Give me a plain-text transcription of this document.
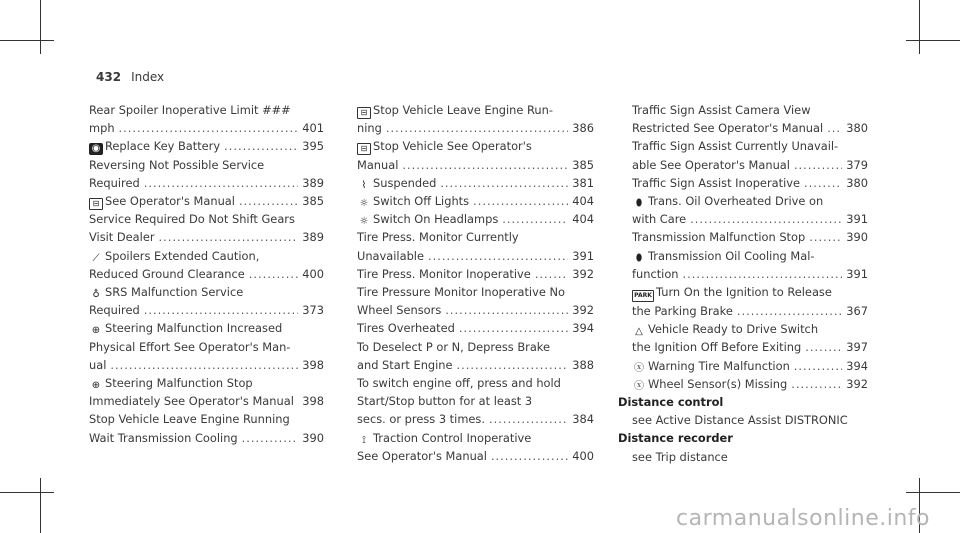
432 Index
Rear Spoiler Inoperative Limit ###
mph .....	401
◉ Replace Key Battery .....	395
Reversing Not Possible Service
Required .....	389
⊟ See Operator's Manual .....	385
Service Required Do Not Shift Gears
Visit Dealer .....	389
⟋ Spoilers Extended Caution,
Reduced Ground Clearance .....	400
♁ SRS Malfunction Service
Required .....	373
⊕ Steering Malfunction Increased
Physical Effort See Operator's Man-
ual .....	398
⊕ Steering Malfunction Stop
Immediately See Operator's Manual ..... 398
Stop Vehicle Leave Engine Running
Wait Transmission Cooling .....	390
⊟ Stop Vehicle Leave Engine Run-
ning .....	386
⊟ Stop Vehicle See Operator's
Manual .....	385
⌇ Suspended .....	381
☼ Switch Off Lights .....	404
☼ Switch On Headlamps .....	404
Tire Press. Monitor Currently
Unavailable .....	391
Tire Press. Monitor Inoperative .....	392
Tire Pressure Monitor Inoperative No
Wheel Sensors .....	392
Tires Overheated .....	394
To Deselect P or N, Depress Brake
and Start Engine .....	388
To switch engine off, press and hold
Start/Stop button for at least 3
secs. or press 3 times. .....	384
⟟ Traction Control Inoperative
See Operator's Manual .....	400
Traffic Sign Assist Camera View
Restricted See Operator's Manual ..... 380
Traffic Sign Assist Currently Unavail-
able See Operator's Manual .....	379
Traffic Sign Assist Inoperative .....	380
⬮ Trans. Oil Overheated Drive on
with Care .....	391
Transmission Malfunction Stop .....	390
⬮ Transmission Oil Cooling Mal-
function .....	391
PARK Turn On the Ignition to Release
the Parking Brake .....	367
△ Vehicle Ready to Drive Switch
the Ignition Off Before Exiting .....	397
ⓧ Warning Tire Malfunction .....	394
ⓧ Wheel Sensor(s) Missing .....	392
Distance control
see Active Distance Assist DISTRONIC
Distance recorder
see Trip distance
carmanualsonline.info
